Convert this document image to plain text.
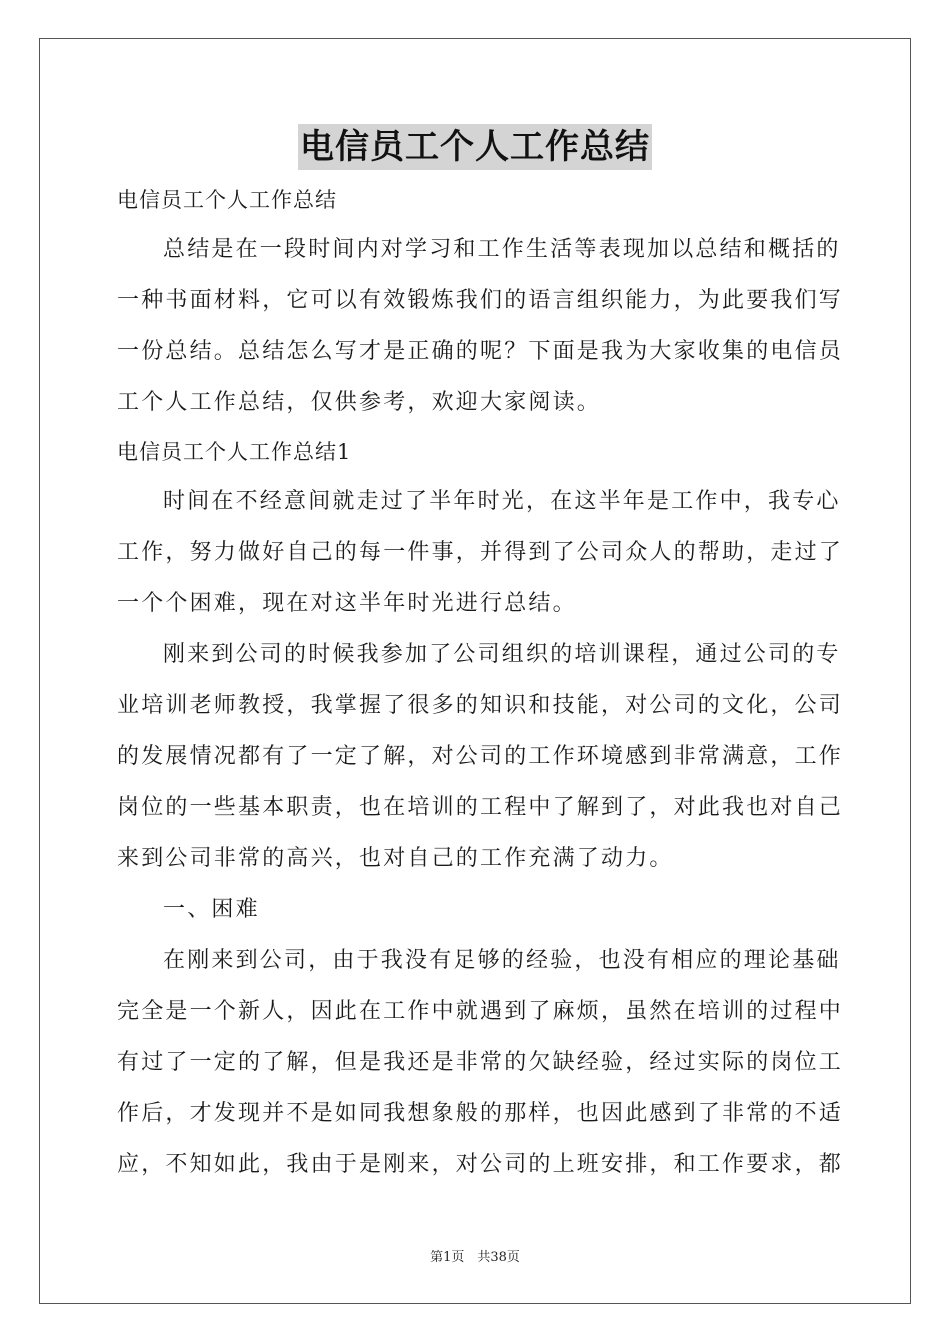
电信员工个人工作总结
电信员工个人工作总结
总结是在一段时间内对学习和工作生活等表现加以总结和概括的
一种书面材料，它可以有效锻炼我们的语言组织能力，为此要我们写
一份总结。总结怎么写才是正确的呢？下面是我为大家收集的电信员
工个人工作总结，仅供参考，欢迎大家阅读。
电信员工个人工作总结1
时间在不经意间就走过了半年时光，在这半年是工作中，我专心
工作，努力做好自己的每一件事，并得到了公司众人的帮助，走过了
一个个困难，现在对这半年时光进行总结。
刚来到公司的时候我参加了公司组织的培训课程，通过公司的专
业培训老师教授，我掌握了很多的知识和技能，对公司的文化，公司
的发展情况都有了一定了解，对公司的工作环境感到非常满意，工作
岗位的一些基本职责，也在培训的工程中了解到了，对此我也对自己
来到公司非常的高兴，也对自己的工作充满了动力。
一、困难
在刚来到公司，由于我没有足够的经验，也没有相应的理论基础
完全是一个新人，因此在工作中就遇到了麻烦，虽然在培训的过程中
有过了一定的了解，但是我还是非常的欠缺经验，经过实际的岗位工
作后，才发现并不是如同我想象般的那样，也因此感到了非常的不适
应，不知如此，我由于是刚来，对公司的上班安排，和工作要求，都
第1页　共38页
